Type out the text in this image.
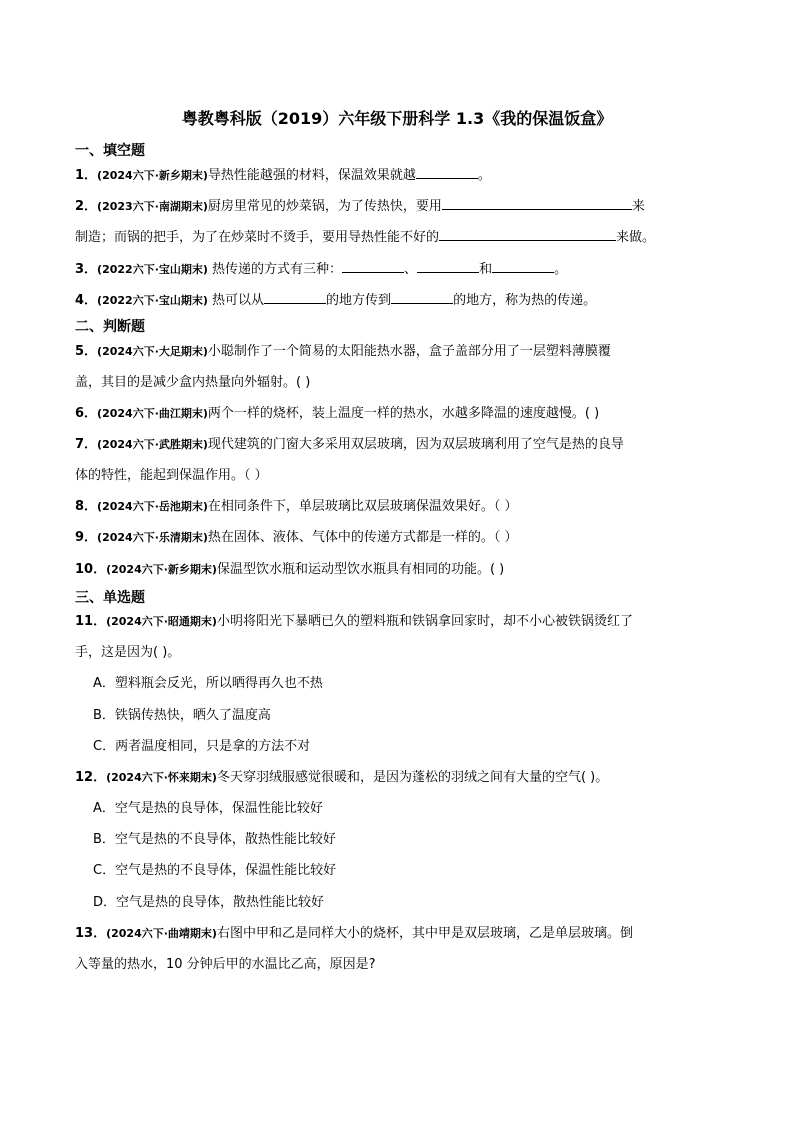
粤教粤科版（2019）六年级下册科学 1.3《我的保温饭盒》
一、填空题
1．(2024六下·新乡期末)导热性能越强的材料，保温效果就越	。
2．(2023六下·南湖期末)厨房里常见的炒菜锅，为了传热快，要用	来
制造；而锅的把手，为了在炒菜时不烫手，要用导热性能不好的	来做。
3．(2022六下·宝山期末) 热传递的方式有三种：	、	和	。
4．(2022六下·宝山期末) 热可以从	的地方传到	的地方，称为热的传递。
二、判断题
5．(2024六下·大足期末)小聪制作了一个简易的太阳能热水器，盒子盖部分用了一层塑料薄膜覆
盖，其目的是减少盒内热量向外辐射。( )
6．(2024六下·曲江期末)两个一样的烧杯，装上温度一样的热水，水越多降温的速度越慢。( )
7．(2024六下·武胜期末)现代建筑的门窗大多采用双层玻璃，因为双层玻璃利用了空气是热的良导
体的特性，能起到保温作用。（ ）
8．(2024六下·岳池期末)在相同条件下，单层玻璃比双层玻璃保温效果好。（ ）
9．(2024六下·乐清期末)热在固体、液体、气体中的传递方式都是一样的。（ ）
10．(2024六下·新乡期末)保温型饮水瓶和运动型饮水瓶具有相同的功能。( )
三、单选题
11．(2024六下·昭通期末)小明将阳光下暴晒已久的塑料瓶和铁锅拿回家时，却不小心被铁锅烫红了
手，这是因为( )。
A．塑料瓶会反光，所以晒得再久也不热
B．铁锅传热快，晒久了温度高
C．两者温度相同，只是拿的方法不对
12．(2024六下·怀来期末)冬天穿羽绒服感觉很暖和，是因为蓬松的羽绒之间有大量的空气( )。
A．空气是热的良导体，保温性能比较好
B．空气是热的不良导体，散热性能比较好
C．空气是热的不良导体，保温性能比较好
D．空气是热的良导体，散热性能比较好
13．(2024六下·曲靖期末)右图中甲和乙是同样大小的烧杯，其中甲是双层玻璃，乙是单层玻璃。倒
入等量的热水，10 分钟后甲的水温比乙高，原因是?
